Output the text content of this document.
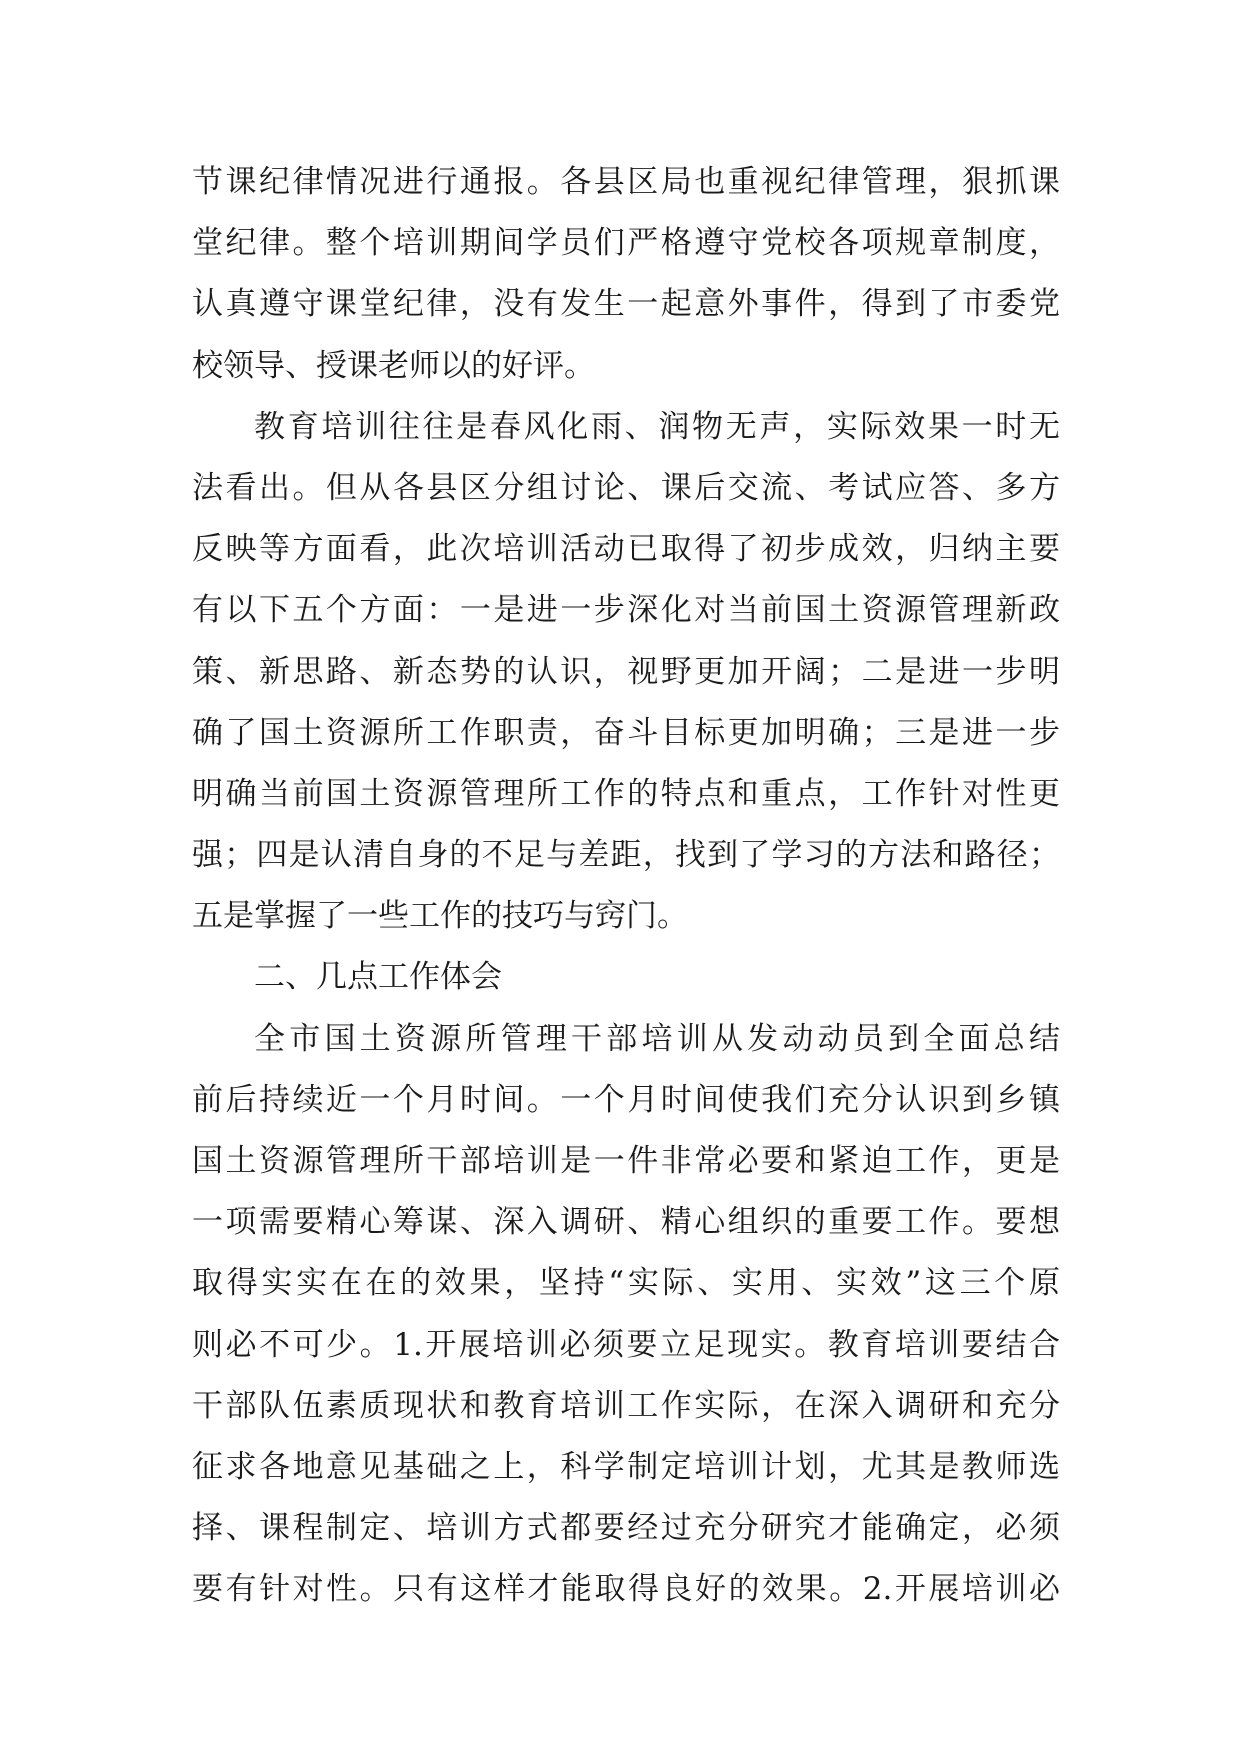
节课纪律情况进行通报。各县区局也重视纪律管理，狠抓课
堂纪律。整个培训期间学员们严格遵守党校各项规章制度，
认真遵守课堂纪律，没有发生一起意外事件，得到了市委党
校领导、授课老师以的好评。
教育培训往往是春风化雨、润物无声，实际效果一时无
法看出。但从各县区分组讨论、课后交流、考试应答、多方
反映等方面看，此次培训活动已取得了初步成效，归纳主要
有以下五个方面：一是进一步深化对当前国土资源管理新政
策、新思路、新态势的认识，视野更加开阔；二是进一步明
确了国土资源所工作职责，奋斗目标更加明确；三是进一步
明确当前国土资源管理所工作的特点和重点，工作针对性更
强；四是认清自身的不足与差距，找到了学习的方法和路径；
五是掌握了一些工作的技巧与窍门。
二、几点工作体会
全市国土资源所管理干部培训从发动动员到全面总结
前后持续近一个月时间。一个月时间使我们充分认识到乡镇
国土资源管理所干部培训是一件非常必要和紧迫工作，更是
一项需要精心筹谋、深入调研、精心组织的重要工作。要想
取得实实在在的效果，坚持“实际、实用、实效”这三个原
则必不可少。1.开展培训必须要立足现实。教育培训要结合
干部队伍素质现状和教育培训工作实际，在深入调研和充分
征求各地意见基础之上，科学制定培训计划，尤其是教师选
择、课程制定、培训方式都要经过充分研究才能确定，必须
要有针对性。只有这样才能取得良好的效果。2.开展培训必
